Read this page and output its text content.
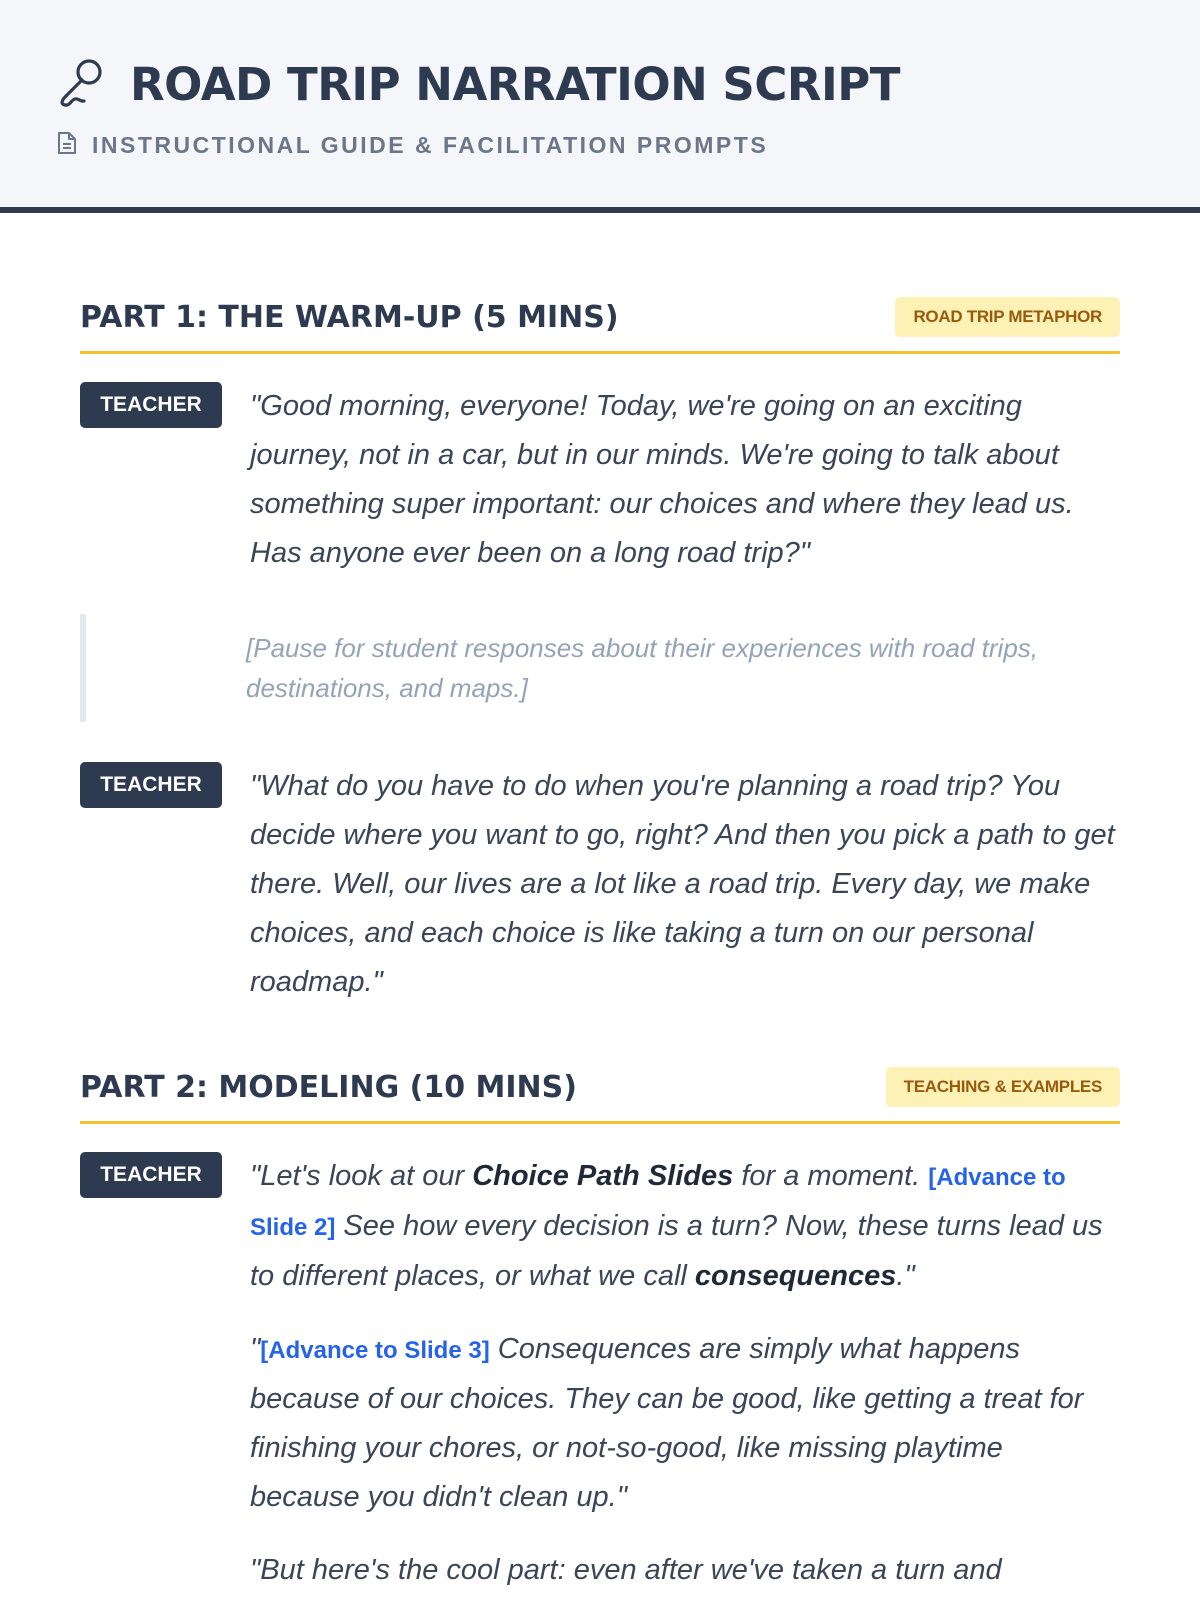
ROAD TRIP NARRATION SCRIPT
INSTRUCTIONAL GUIDE & FACILITATION PROMPTS
PART 1: THE WARM-UP (5 MINS)	ROAD TRIP METAPHOR
TEACHER	"Good morning, everyone! Today, we're going on an exciting journey, not in a car, but in our minds. We're going to talk about something super important: our choices and where they lead us. Has anyone ever been on a long road trip?"

[Pause for student responses about their experiences with road trips, destinations, and maps.]
TEACHER	"What do you have to do when you're planning a road trip? You decide where you want to go, right? And then you pick a path to get there. Well, our lives are a lot like a road trip. Every day, we make choices, and each choice is like taking a turn on our personal roadmap."

PART 2: MODELING (10 MINS)	TEACHING & EXAMPLES
TEACHER	"Let's look at our Choice Path Slides for a moment. [Advance to Slide 2] See how every decision is a turn? Now, these turns lead us to different places, or what we call consequences."

"[Advance to Slide 3] Consequences are simply what happens because of our choices. They can be good, like getting a treat for finishing your chores, or not-so-good, like missing playtime because you didn't clean up."

"But here's the cool part: even after we've taken a turn and
